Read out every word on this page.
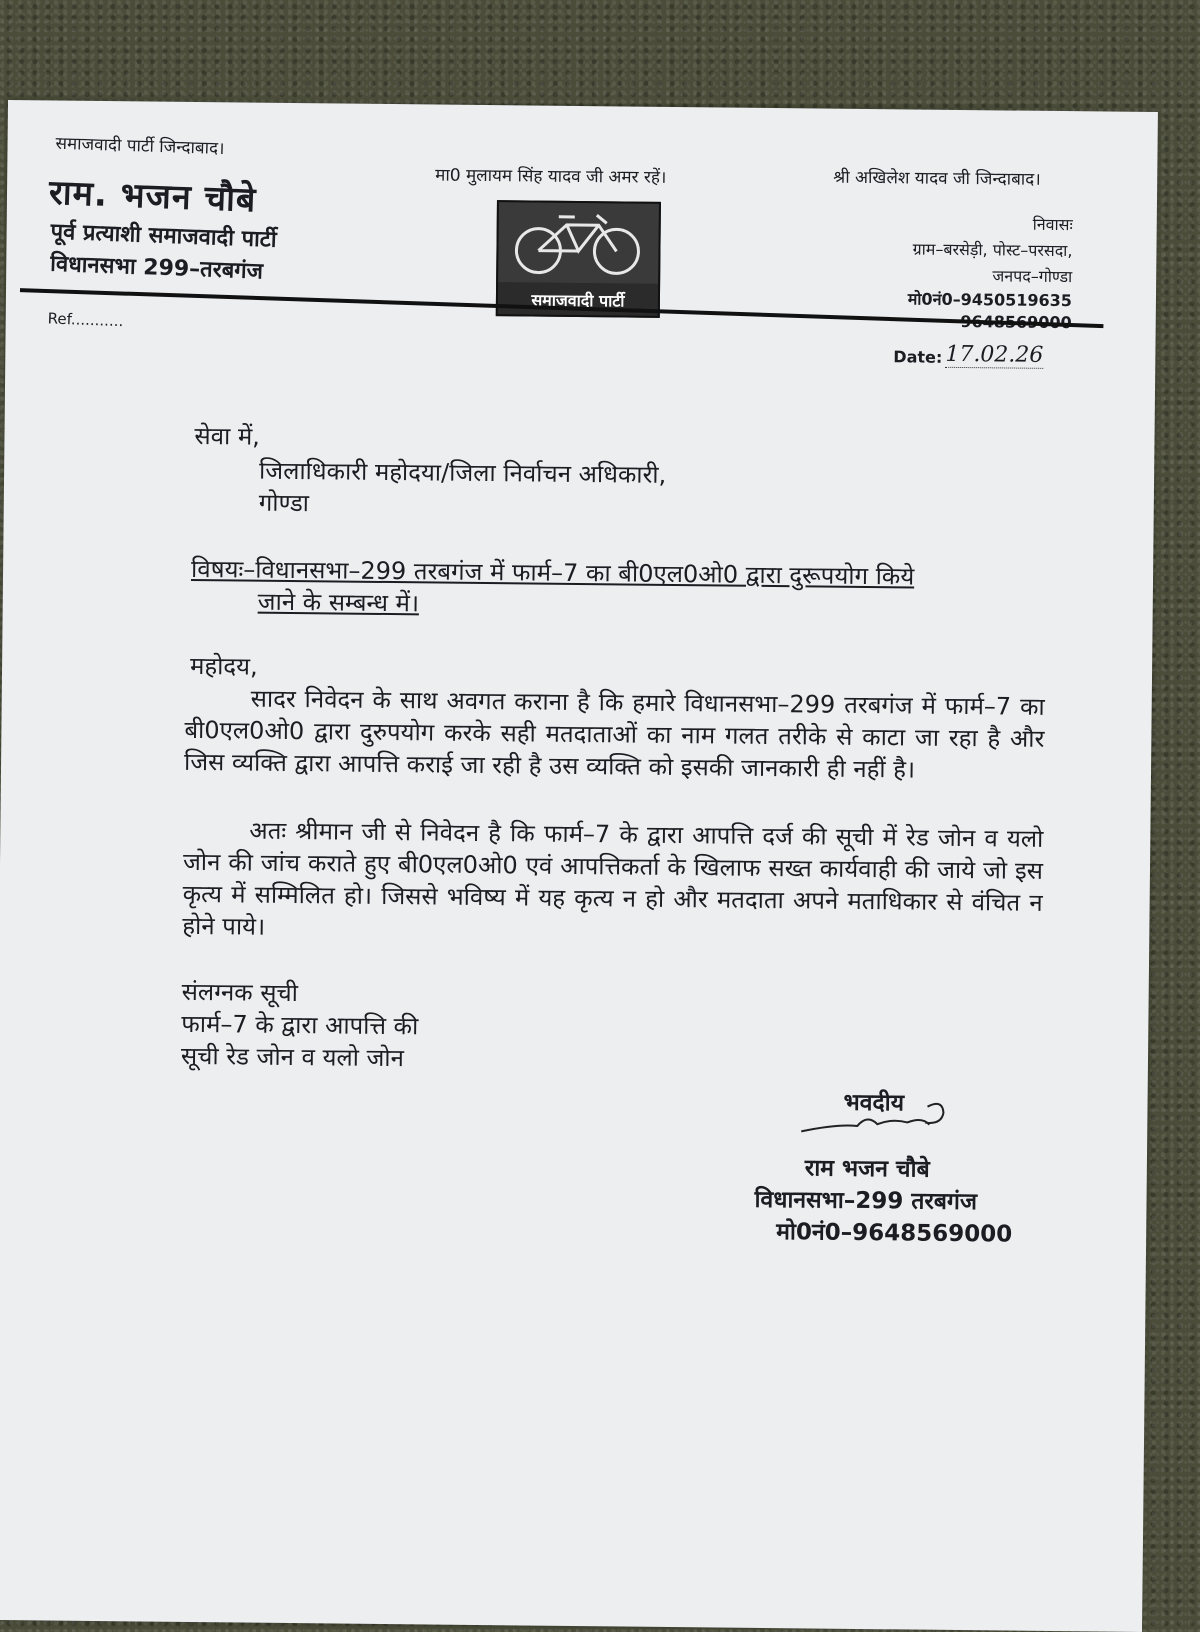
समाजवादी पार्टी जिन्दाबाद।
मा0 मुलायम सिंह यादव जी अमर रहें।	श्री अखिलेश यादव जी जिन्दाबाद।
राम. भजन चौबे
पूर्व प्रत्याशी समाजवादी पार्टी
विधानसभा 299–तरबगंज
समाजवादी पार्टी
निवासः
ग्राम–बरसेड़ी, पोस्ट–परसदा,
जनपद–गोण्डा
मो0नं0–9450519635
Ref...........
Date: 17.02.26
सेवा में,
जिलाधिकारी महोदया/जिला निर्वाचन अधिकारी,
गोण्डा
विषयः–विधानसभा–299 तरबगंज में फार्म–7 का बी0एल0ओ0 द्वारा दुरूपयोग किये
जाने के सम्बन्ध में।
महोदय,
सादर निवेदन के साथ अवगत कराना है कि हमारे विधानसभा–299 तरबगंज में फार्म–7 का बी0एल0ओ0 द्वारा दुरुपयोग करके सही मतदाताओं का नाम गलत तरीके से काटा जा रहा है और जिस व्यक्ति द्वारा आपत्ति कराई जा रही है उस व्यक्ति को इसकी जानकारी ही नहीं है।
अतः श्रीमान जी से निवेदन है कि फार्म–7 के द्वारा आपत्ति दर्ज की सूची में रेड जोन व यलो जोन की जांच कराते हुए बी0एल0ओ0 एवं आपत्तिकर्ता के खिलाफ सख्त कार्यवाही की जाये जो इस कृत्य में सम्मिलित हो। जिससे भविष्य में यह कृत्य न हो और मतदाता अपने मताधिकार से वंचित न होने पाये।
संलग्नक सूची
फार्म–7 के द्वारा आपत्ति की
सूची रेड जोन व यलो जोन
भवदीय
राम भजन चौबे
विधानसभा–299 तरबगंज
मो0नं0–9648569000
